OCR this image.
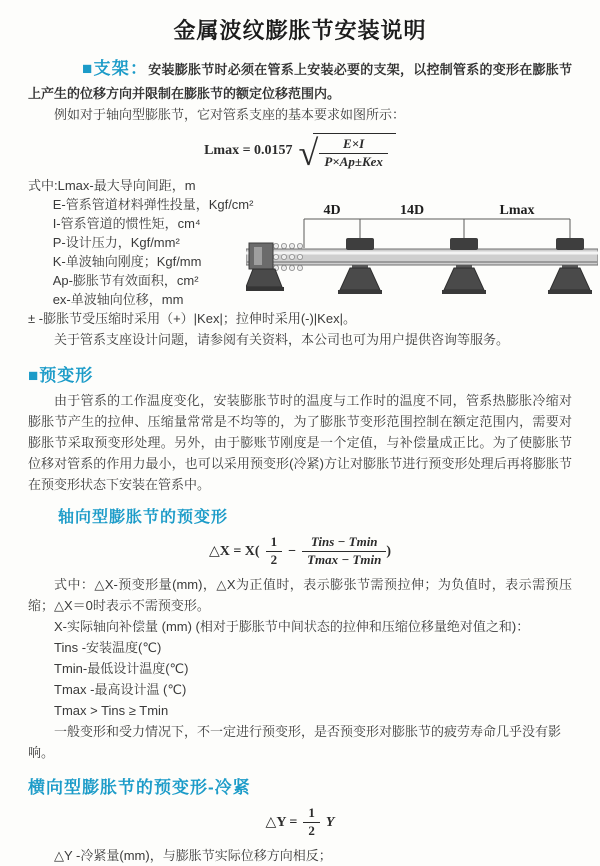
金属波纹膨胀节安装说明

■支架：安装膨胀节时必须在管系上安装必要的支架，以控制管系的变形在膨胀节上产生的位移方向并限制在膨胀节的额定位移范围内。

例如对于轴向型膨胀节，它对管系支座的基本要求如图所示：

Lmax = 0.0157 √ $\frac{E\times I}{\text{P×Ap±Kex}}$
式中:Lmax-最大导向间距，m
E-管系管道材料弹性投量，Kgf/cm²
I-管系管道的惯性矩，cm⁴
P-设计压力，Kgf/mm²
K-单波轴向刚度；Kgf/mm
Ap-膨胀节有效面积，cm²
ex-单波轴向位移，mm
4D	14D	Lmax

± -膨胀节受压缩时采用（+）|Kex|；拉伸时采用(-)|Kex|。

关于管系支座设计问题，请参阅有关资料，本公司也可为用户提供咨询等服务。

■预变形

由于管系的工作温度变化，安装膨胀节时的温度与工作时的温度不同，管系热膨胀冷缩对膨胀节产生的拉伸、压缩量常常是不均等的，为了膨胀节变形范围控制在额定范围内，需要对膨胀节采取预变形处理。另外，由于膨账节刚度是一个定值，与补偿量成正比。为了使膨胀节位移对管系的作用力最小，也可以采用预变形(冷紧)方让对膨胀节进行预变形处理后再将膨胀节在预变形状态下安装在管系中。

轴向型膨胀节的预变形
△X = $X( \frac{1}{2} - \frac{\text{Tins − Tmin}}{Tmax - Tmin}$ )

式中：△X-预变形量(mm)，△X为正值时，表示膨张节需预拉伸；为负值时，表示需预压缩；△X＝0时表示不需预变形。

X-实际轴向补偿量 (mm) (相对于膨胀节中间状态的拉伸和压缩位移量绝对值之和)：

Tins -安装温度(℃)

Tmin-最低设计温度(℃)

Tmax -最高设计温 (℃)

Tmax > Tins ≥ Tmin

一般变形和受力情况下，不一定进行预变形，是否预变形对膨胀节的疲劳寿命几乎没有影响。

横向型膨胀节的预变形-冷紧
△Y = $\frac{1}{2}$ Y

△Y -冷紧量(mm)，与膨胀节实际位移方向相反；
